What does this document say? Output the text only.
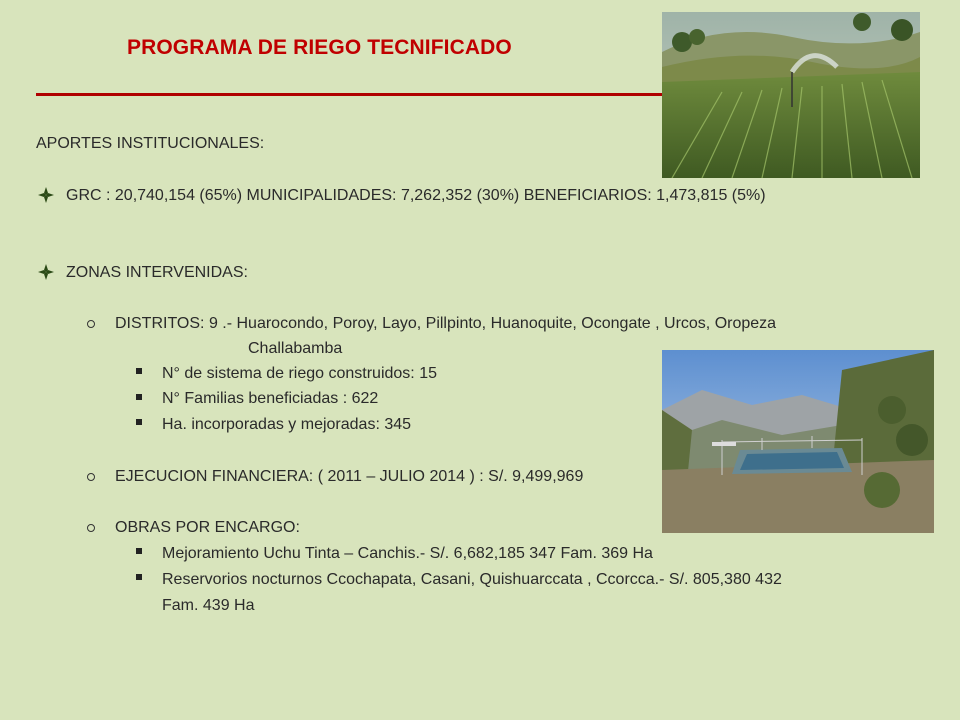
PROGRAMA DE RIEGO TECNIFICADO
APORTES INSTITUCIONALES:
GRC : 20,740,154 (65%) MUNICIPALIDADES: 7,262,352 (30%) BENEFICIARIOS: 1,473,815 (5%)
ZONAS INTERVENIDAS:
DISTRITOS: 9 .- Huarocondo, Poroy, Layo, Pillpinto, Huanoquite, Ocongate , Urcos, Oropeza
Challabamba
N° de sistema de riego construidos: 15
N° Familias beneficiadas : 622
Ha. incorporadas y mejoradas: 345
EJECUCION FINANCIERA: ( 2011 – JULIO 2014 ) : S/. 9,499,969
OBRAS POR ENCARGO:
Mejoramiento Uchu Tinta – Canchis.- S/. 6,682,185 347 Fam. 369 Ha
Reservorios nocturnos Ccochapata, Casani, Quishuarccata , Ccorcca.- S/. 805,380 432
Fam. 439 Ha
